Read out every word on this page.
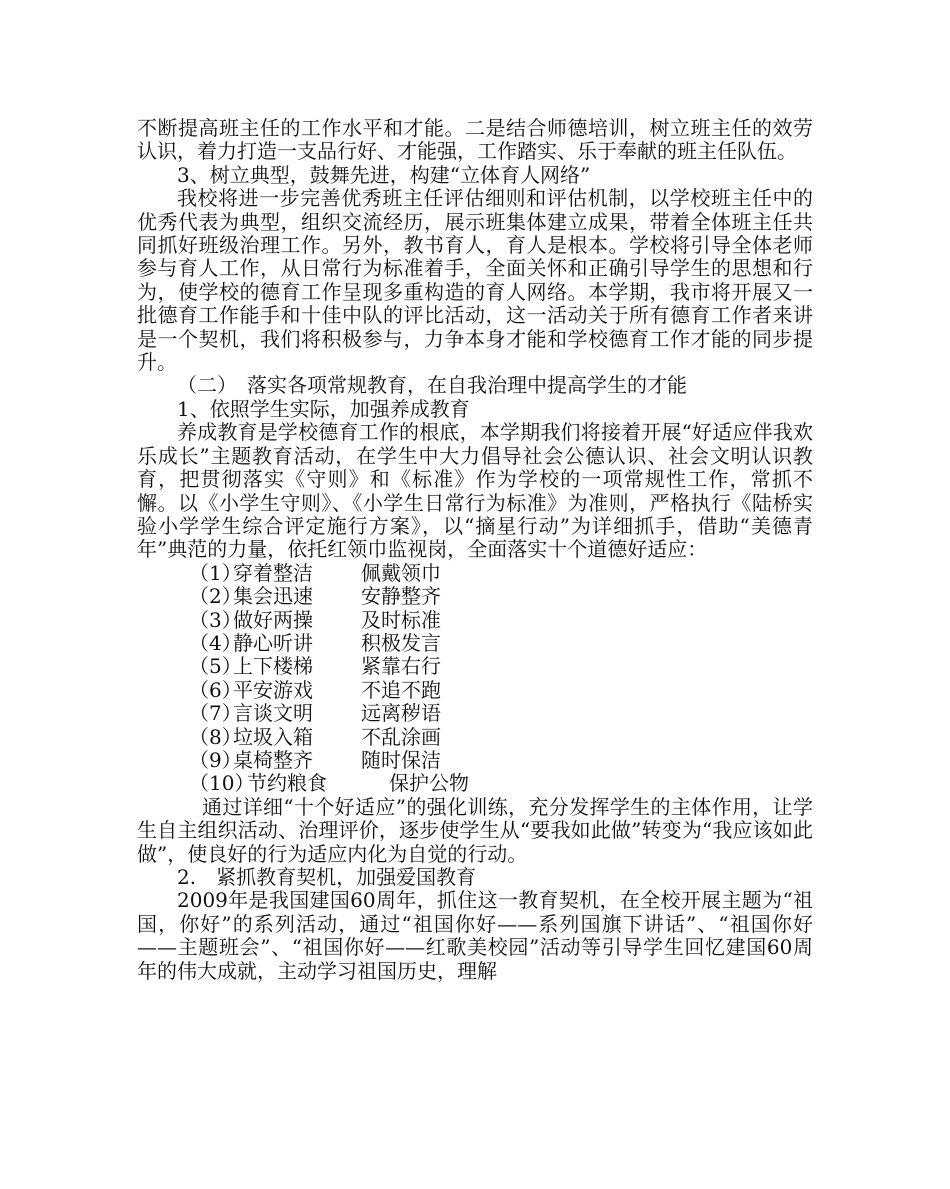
不断提高班主任的工作水平和才能。二是结合师德培训，树立班主任的效劳认识，着力打造一支品行好、才能强，工作踏实、乐于奉献的班主任队伍。

3、树立典型，鼓舞先进，构建“立体育人网络”

我校将进一步完善优秀班主任评估细则和评估机制，以学校班主任中的优秀代表为典型，组织交流经历，展示班集体建立成果，带着全体班主任共同抓好班级治理工作。另外，教书育人，育人是根本。学校将引导全体老师参与育人工作，从日常行为标准着手，全面关怀和正确引导学生的思想和行为，使学校的德育工作呈现多重构造的育人网络。本学期，我市将开展又一批德育工作能手和十佳中队的评比活动，这一活动关于所有德育工作者来讲是一个契机，我们将积极参与，力争本身才能和学校德育工作才能的同步提升。

（二）　落实各项常规教育，在自我治理中提高学生的才能

1、依照学生实际，加强养成教育

养成教育是学校德育工作的根底，本学期我们将接着开展“好适应伴我欢乐成长”主题教育活动，在学生中大力倡导社会公德认识、社会文明认识教育，把贯彻落实《守则》和《标准》作为学校的一项常规性工作，常抓不懈。以《小学生守则》、《小学生日常行为标准》为准则，严格执行《陆桥实验小学学生综合评定施行方案》，以“摘星行动”为详细抓手，借助“美德青年”典范的力量，依托红领巾监视岗，全面落实十个道德好适应：

（1）穿着整洁 佩戴领巾

（2）集会迅速 安静整齐

（3）做好两操 及时标准

（4）静心听讲 积极发言

（5）上下楼梯 紧靠右行

（6）平安游戏 不追不跑

（7）言谈文明 远离秽语

（8）垃圾入箱 不乱涂画

（9）桌椅整齐 随时保洁

（10）节约粮食	保护公物

通过详细“十个好适应”的强化训练，充分发挥学生的主体作用，让学生自主组织活动、治理评价，逐步使学生从“要我如此做”转变为“我应该如此做”，使良好的行为适应内化为自觉的行动。

2.　紧抓教育契机，加强爱国教育

2009年是我国建国60周年，抓住这一教育契机，在全校开展主题为“祖国，你好”的系列活动，通过“祖国你好——系列国旗下讲话”、“祖国你好——主题班会”、“祖国你好——红歌美校园”活动等引导学生回忆建国60周年的伟大成就，主动学习祖国历史，理解
